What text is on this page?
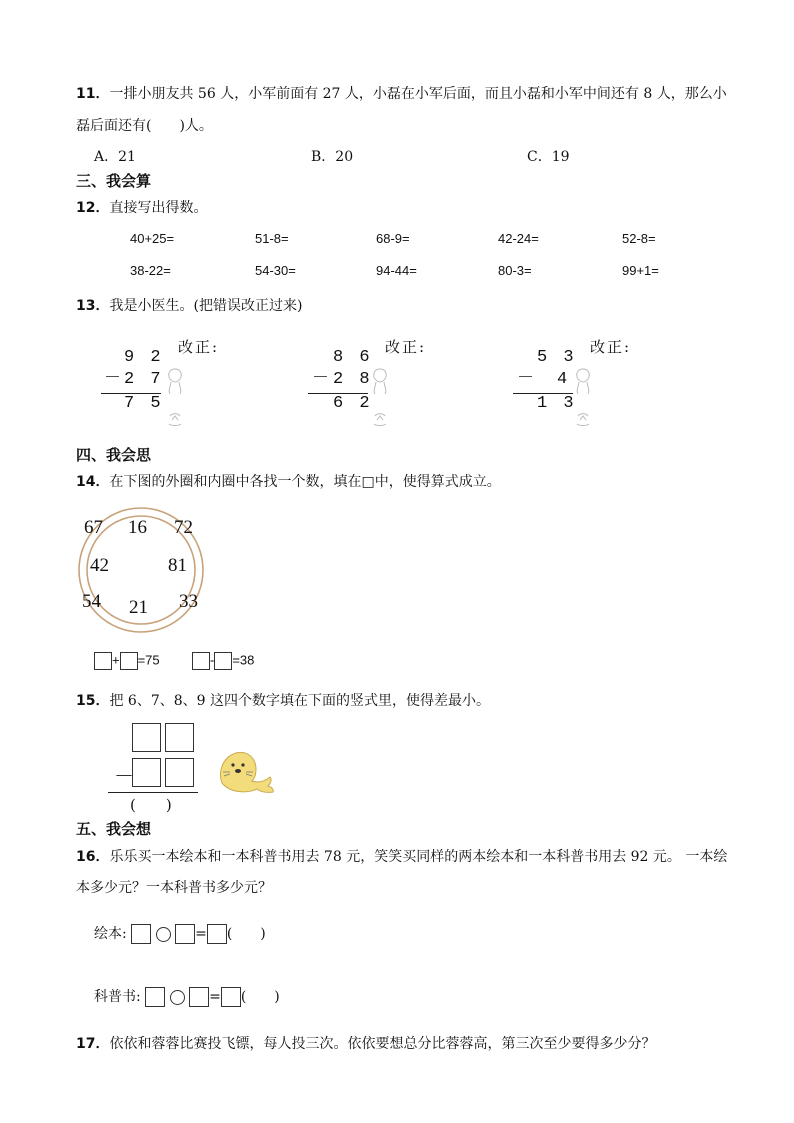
11．一排小朋友共 56 人，小军前面有 27 人，小磊在小军后面，而且小磊和小军中间还有 8 人，那么小
磊后面还有(　　)人。
A．21	B．20	C．19
三、我会算
12．直接写出得数。
40+25=	51-8=	68-9=	42-24=	52-8=
38-22=	54-30=	94-44=	80-3=	99+1=
13．我是小医生。(把错误改正过来)
9 2
－ 2 7
7 5
改正:
8 6
－ 2 8
6 2
改正:
5 3
－ 4
1 3
改正:
四、我会思
14．在下图的外圈和内圈中各找一个数，填在□中，使得算式成立。
67 16 72
42	81
54 21 33
+ =75	- =38
15．把 6、7、8、9 这四个数字填在下面的竖式里，使得差最小。
－
(　　)
五、我会想
16．乐乐买一本绘本和一本科普书用去 78 元，笑笑买同样的两本绘本和一本科普书用去 92 元。 一本绘
本多少元？一本科普书多少元？
绘本:	= (　　)
科普书:	= (　　)
17．依依和蓉蓉比赛投飞镖，每人投三次。依依要想总分比蓉蓉高，第三次至少要得多少分？
